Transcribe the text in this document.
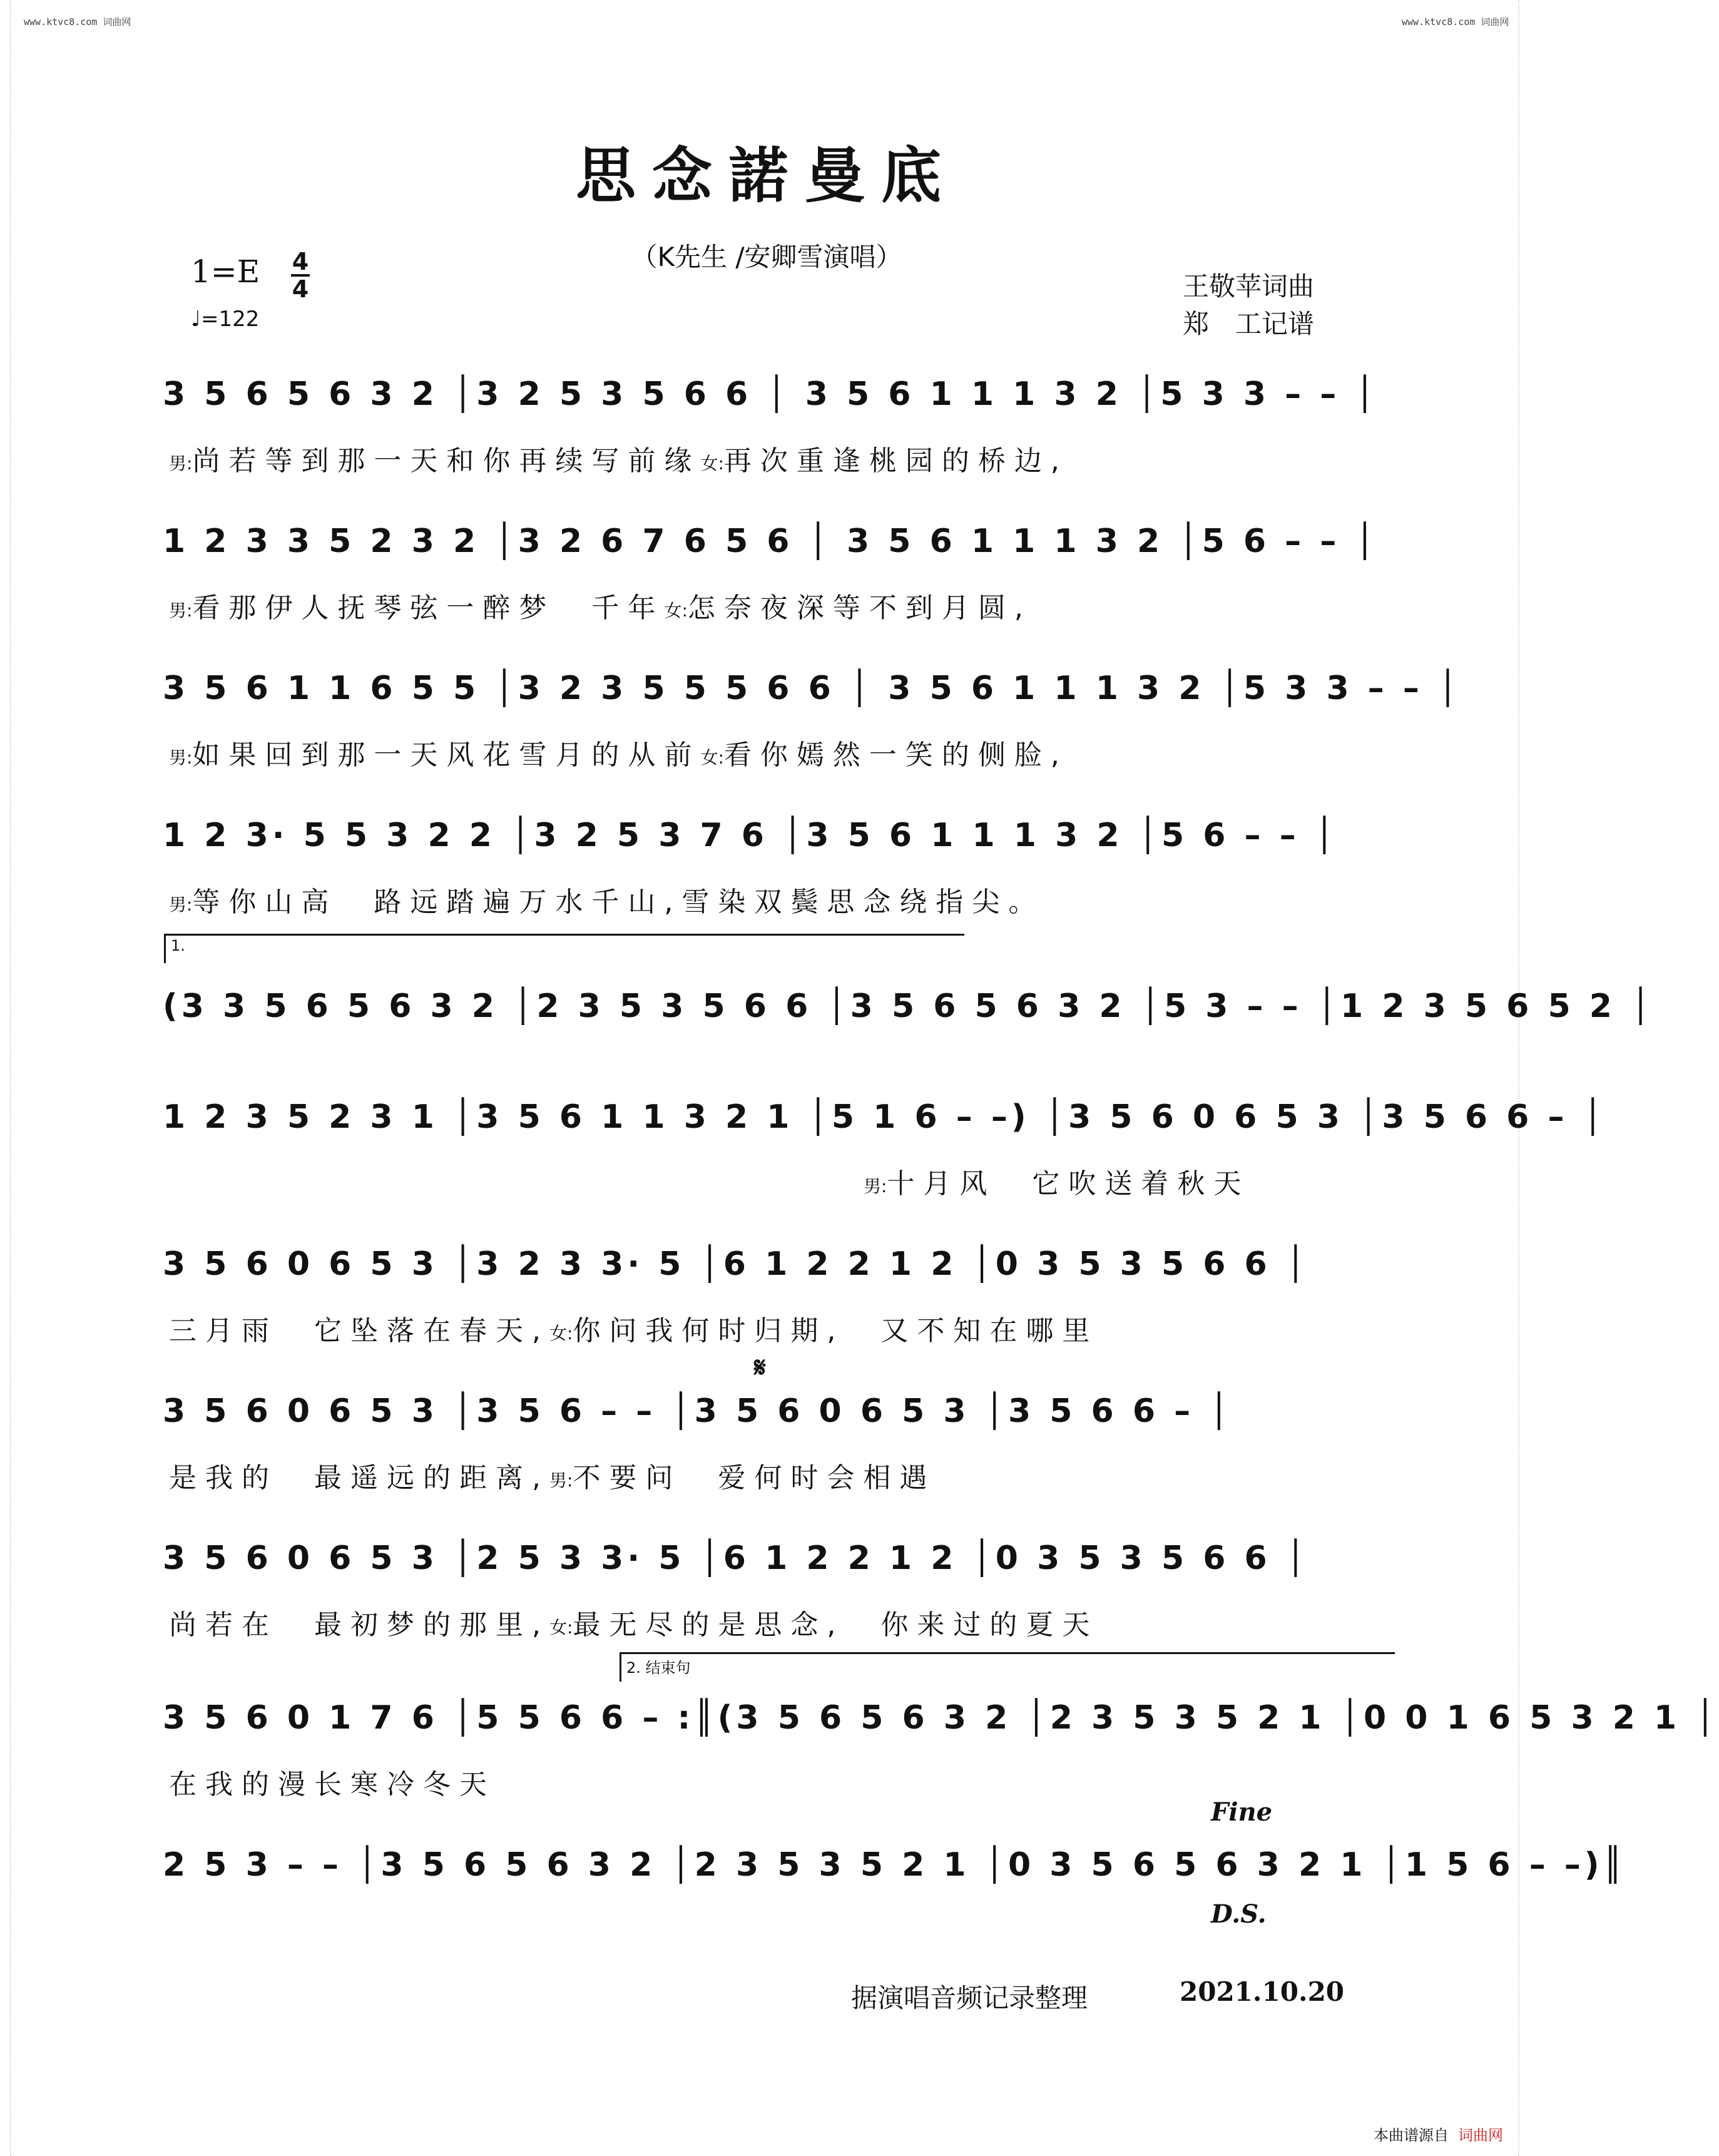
www.ktvc8.com 词曲网	www.ktvc8.com 词曲网
思念諾曼底
（K先生 /安卿雪演唱）
1=E 4
4
♩=122
王敬苹词曲
郑　工记谱
3 5 6 5 6 3 2 │3 2 5 3 5 6 6 │ 3 5 6 1 1 1 3 2 │5 3 3 – – │
男:尚若等到那一天和你再续写前缘女:再次重逢桃园的桥边,
1 2 3 3 5 2 3 2 │3 2 6 7 6 5 6 │ 3 5 6 1 1 1 3 2 │5 6 – – │
男:看那伊人抚琴弦一醉梦　千年女:怎奈夜深等不到月圆,
3 5 6 1 1 6 5 5 │3 2 3 5 5 5 6 6 │ 3 5 6 1 1 1 3 2 │5 3 3 – – │
男:如果回到那一天风花雪月的从前女:看你嫣然一笑的侧脸,
1 2 3· 5 5 3 2 2 │3 2 5 3 7 6 │3 5 6 1 1 1 3 2 │5 6 – – │
男:等你山高　路远踏遍万水千山,雪染双鬓思念绕指尖。
1.
(3 3 5 6 5 6 3 2 │2 3 5 3 5 6 6 │3 5 6 5 6 3 2 │5 3 – – │1 2 3 5 6 5 2 │
1 2 3 5 2 3 1 │3 5 6 1 1 3 2 1 │5 1 6 – –) │3 5 6 0 6 5 3 │3 5 6 6 – │
男:十月风　它吹送着秋天
3 5 6 0 6 5 3 │3 2 3 3· 5 │6 1 2 2 1 2 │0 3 5 3 5 6 6 │
三月雨　它坠落在春天,女:你问我何时归期,　又不知在哪里
𝄋
3 5 6 0 6 5 3 │3 5 6 – – │3 5 6 0 6 5 3 │3 5 6 6 – │
是我的　最遥远的距离,男:不要问　爱何时会相遇
3 5 6 0 6 5 3 │2 5 3 3· 5 │6 1 2 2 1 2 │0 3 5 3 5 6 6 │
尚若在　最初梦的那里,女:最无尽的是思念,　你来过的夏天
2. 结束句
3 5 6 0 1 7 6 │5 5 6 6 – :║(3 5 6 5 6 3 2 │2 3 5 3 5 2 1 │0 0 1 6 5 3 2 1 │
在我的漫长寒冷冬天
Fine
2 5 3 – – │3 5 6 5 6 3 2 │2 3 5 3 5 2 1 │0 3 5 6 5 6 3 2 1 │1 5 6 – –)║
D.S.
据演唱音频记录整理	2021.10.20
本曲谱源自 词曲网
